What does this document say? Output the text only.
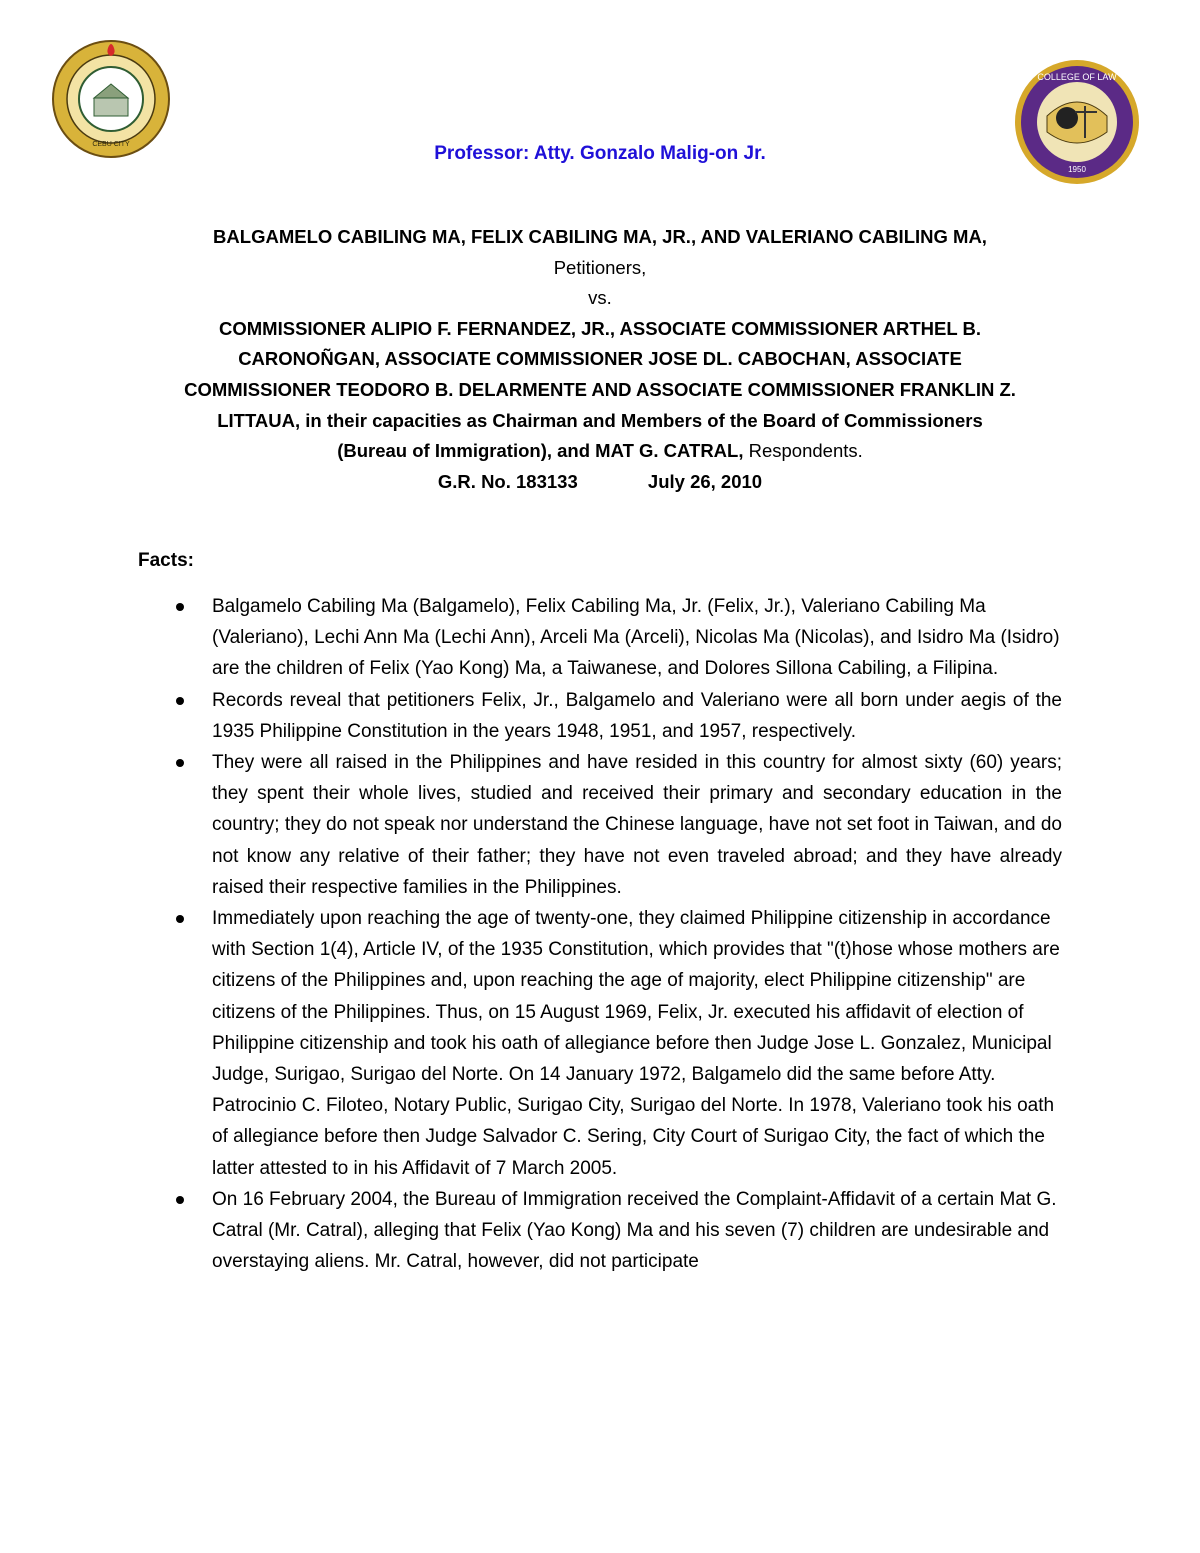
CEBU CITY
COLLEGE OF LAW
1950
Professor: Atty. Gonzalo Malig-on Jr.
BALGAMELO CABILING MA, FELIX CABILING MA, JR., AND VALERIANO CABILING MA,
Petitioners,
vs.
COMMISSIONER ALIPIO F. FERNANDEZ, JR., ASSOCIATE COMMISSIONER ARTHEL B.
CARONOÑGAN, ASSOCIATE COMMISSIONER JOSE DL. CABOCHAN, ASSOCIATE
COMMISSIONER TEODORO B. DELARMENTE AND ASSOCIATE COMMISSIONER FRANKLIN Z.
LITTAUA, in their capacities as Chairman and Members of the Board of Commissioners
(Bureau of Immigration), and MAT G. CATRAL, Respondents.
G.R. No. 183133	July 26, 2010
Facts:
Balgamelo Cabiling Ma (Balgamelo), Felix Cabiling Ma, Jr. (Felix, Jr.), Valeriano Cabiling Ma (Valeriano), Lechi Ann Ma (Lechi Ann), Arceli Ma (Arceli), Nicolas Ma (Nicolas), and Isidro Ma (Isidro) are the children of Felix (Yao Kong) Ma, a Taiwanese, and Dolores Sillona Cabiling, a Filipina.
Records reveal that petitioners Felix, Jr., Balgamelo and Valeriano were all born under aegis of the 1935 Philippine Constitution in the years 1948, 1951, and 1957, respectively.
They were all raised in the Philippines and have resided in this country for almost sixty (60) years; they spent their whole lives, studied and received their primary and secondary education in the country; they do not speak nor understand the Chinese language, have not set foot in Taiwan, and do not know any relative of their father; they have not even traveled abroad; and they have already raised their respective families in the Philippines.
Immediately upon reaching the age of twenty-one, they claimed Philippine citizenship in accordance with Section 1(4), Article IV, of the 1935 Constitution, which provides that "(t)hose whose mothers are citizens of the Philippines and, upon reaching the age of majority, elect Philippine citizenship" are citizens of the Philippines. Thus, on 15 August 1969, Felix, Jr. executed his affidavit of election of Philippine citizenship and took his oath of allegiance before then Judge Jose L. Gonzalez, Municipal Judge, Surigao, Surigao del Norte. On 14 January 1972, Balgamelo did the same before Atty. Patrocinio C. Filoteo, Notary Public, Surigao City, Surigao del Norte. In 1978, Valeriano took his oath of allegiance before then Judge Salvador C. Sering, City Court of Surigao City, the fact of which the latter attested to in his Affidavit of 7 March 2005.
On 16 February 2004, the Bureau of Immigration received the Complaint-Affidavit of a certain Mat G. Catral (Mr. Catral), alleging that Felix (Yao Kong) Ma and his seven (7) children are undesirable and overstaying aliens. Mr. Catral, however, did not participate
